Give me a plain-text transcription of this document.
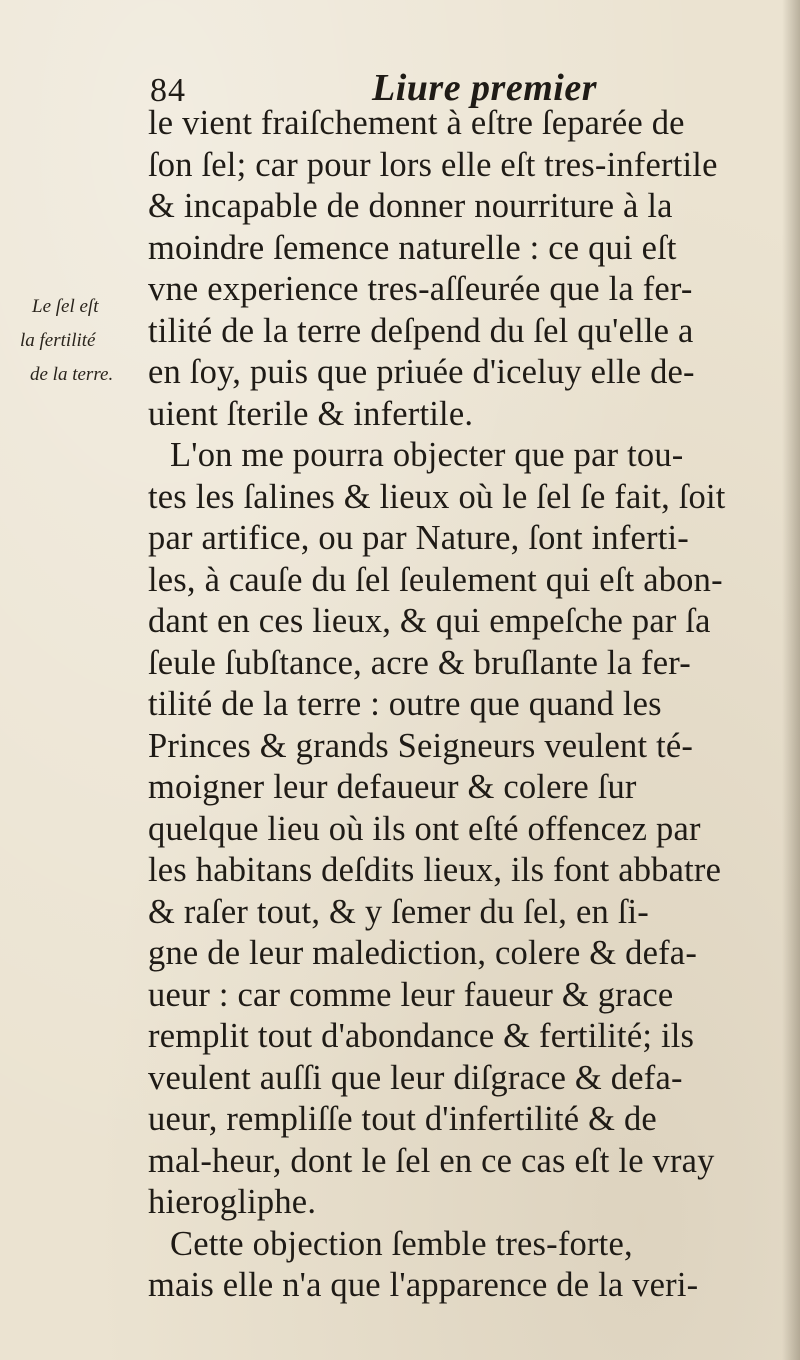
84	Liure premier
Le ſel eſt
la fertilité
de la terre.
le vient fraiſchement à eſtre ſeparée de
ſon ſel; car pour lors elle eſt tres-infertile
& incapable de donner nourriture à la
moindre ſemence naturelle : ce qui eſt
vne experience tres-aſſeurée que la fer-
tilité de la terre deſpend du ſel qu'elle a
en ſoy, puis que priuée d'iceluy elle de-
uient ſterile & infertile.
L'on me pourra objecter que par tou-
tes les ſalines & lieux où le ſel ſe fait, ſoit
par artifice, ou par Nature, ſont inferti-
les, à cauſe du ſel ſeulement qui eſt abon-
dant en ces lieux, & qui empeſche par ſa
ſeule ſubſtance, acre & bruſlante la fer-
tilité de la terre : outre que quand les
Princes & grands Seigneurs veulent té-
moigner leur defaueur & colere ſur
quelque lieu où ils ont eſté offencez par
les habitans deſdits lieux, ils font abbatre
& raſer tout, & y ſemer du ſel, en ſi-
gne de leur malediction, colere & defa-
ueur : car comme leur faueur & grace
remplit tout d'abondance & fertilité; ils
veulent auſſi que leur diſgrace & defa-
ueur, rempliſſe tout d'infertilité & de
mal-heur, dont le ſel en ce cas eſt le vray
hierogliphe.
Cette objection ſemble tres-forte,
mais elle n'a que l'apparence de la veri-
